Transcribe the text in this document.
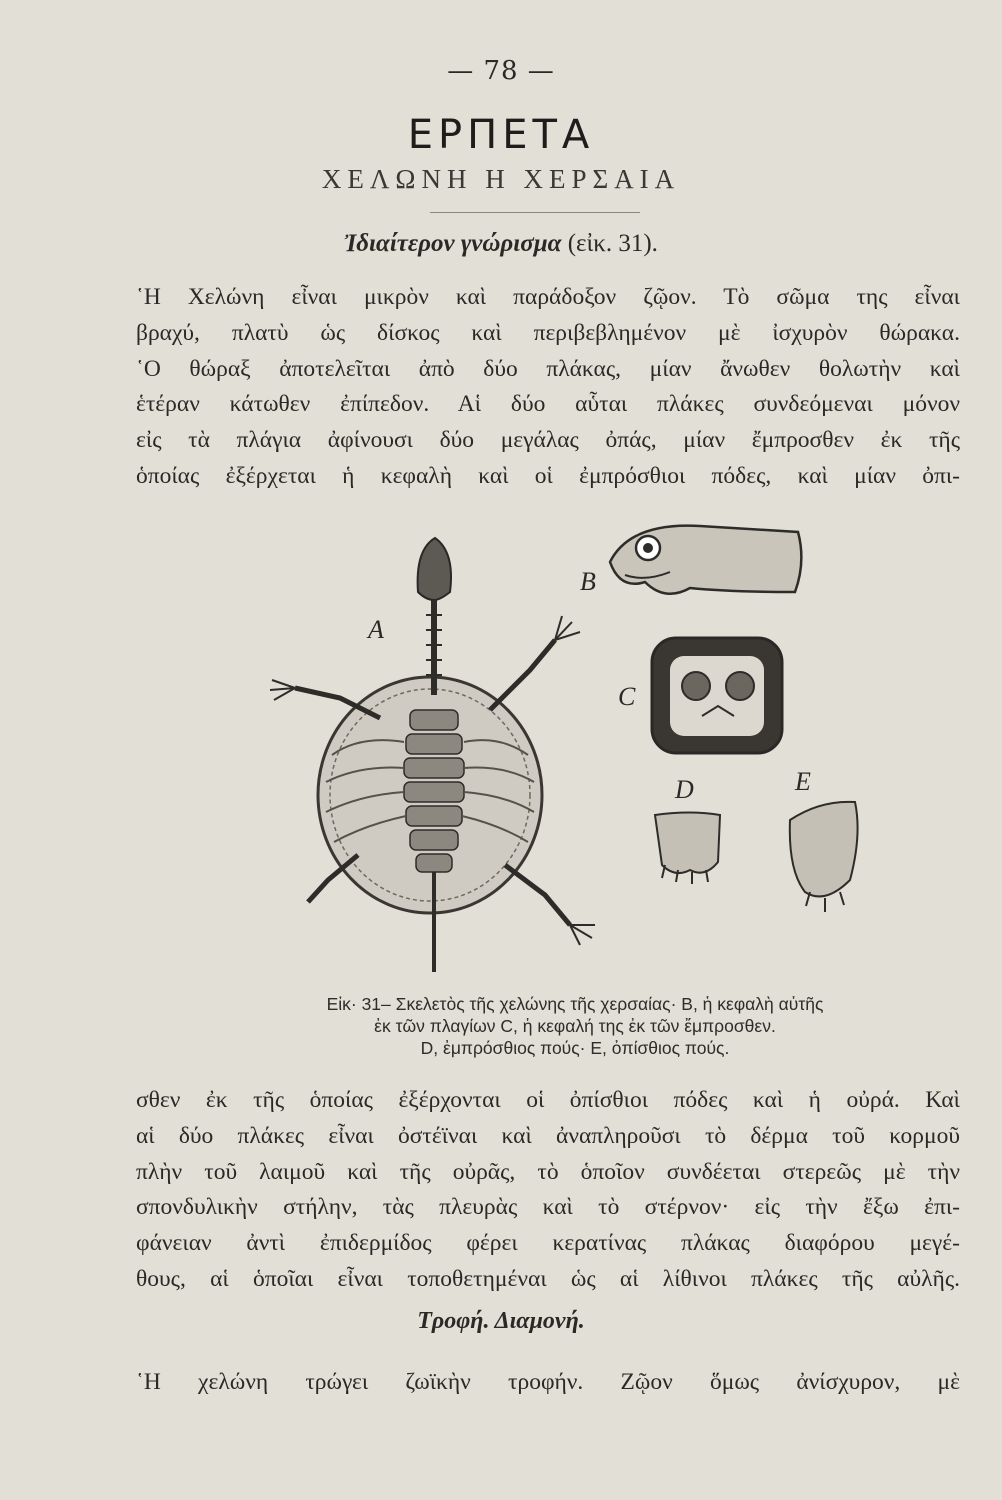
— 78 —
ΕΡΠΕΤΑ
ΧΕΛΩΝΗ Η ΧΕΡΣΑΙΑ
Ἰδιαίτερον γνώρισμα (εἰκ. 31).
῾Η Χελώνη εἶναι μικρὸν καὶ παράδοξον ζῷον. Τὸ σῶμα της εἶναι
βραχύ, πλατὺ ὡς δίσκος καὶ περιβεβλημένον μὲ ἰσχυρὸν θώρακα.
῾Ο θώραξ ἀποτελεῖται ἀπὸ δύο πλάκας, μίαν ἄνωθεν θολωτὴν καὶ
ἑτέραν κάτωθεν ἐπίπεδον. Αἱ δύο αὗται πλάκες συνδεόμεναι μόνον
εἰς τὰ πλάγια ἀφίνουσι δύο μεγάλας ὀπάς, μίαν ἔμπροσθεν ἐκ τῆς
ὁποίας ἐξέρχεται ἡ κεφαλὴ καὶ οἱ ἐμπρόσθιοι πόδες, καὶ μίαν ὀπι-
A
B
C
D	E
Εἰκ· 31– Σκελετὸς τῆς χελώνης τῆς χερσαίας· Β, ἡ κεφαλὴ αὐτῆς
ἐκ τῶν πλαγίων C, ἡ κεφαλή της ἐκ τῶν ἔμπροσθεν.
D, ἐμπρόσθιος πούς· Ε, ὀπίσθιος πούς.
σθεν ἐκ τῆς ὁποίας ἐξέρχονται οἱ ὀπίσθιοι πόδες καὶ ἡ οὐρά. Καὶ
αἱ δύο πλάκες εἶναι ὀστέϊναι καὶ ἀναπληροῦσι τὸ δέρμα τοῦ κορμοῦ
πλὴν τοῦ λαιμοῦ καὶ τῆς οὐρᾶς, τὸ ὁποῖον συνδέεται στερεῶς μὲ τὴν
σπονδυλικὴν στήλην, τὰς πλευρὰς καὶ τὸ στέρνον· εἰς τὴν ἔξω ἐπι-
φάνειαν ἀντὶ ἐπιδερμίδος φέρει κερατίνας πλάκας διαφόρου μεγέ-
θους, αἱ ὁποῖαι εἶναι τοποθετημέναι ὡς αἱ λίθινοι πλάκες τῆς αὐλῆς.
Τροφή. Διαμονή.
῾Η χελώνη τρώγει ζωϊκὴν τροφήν. Ζῷον ὅμως ἀνίσχυρον, μὲ
